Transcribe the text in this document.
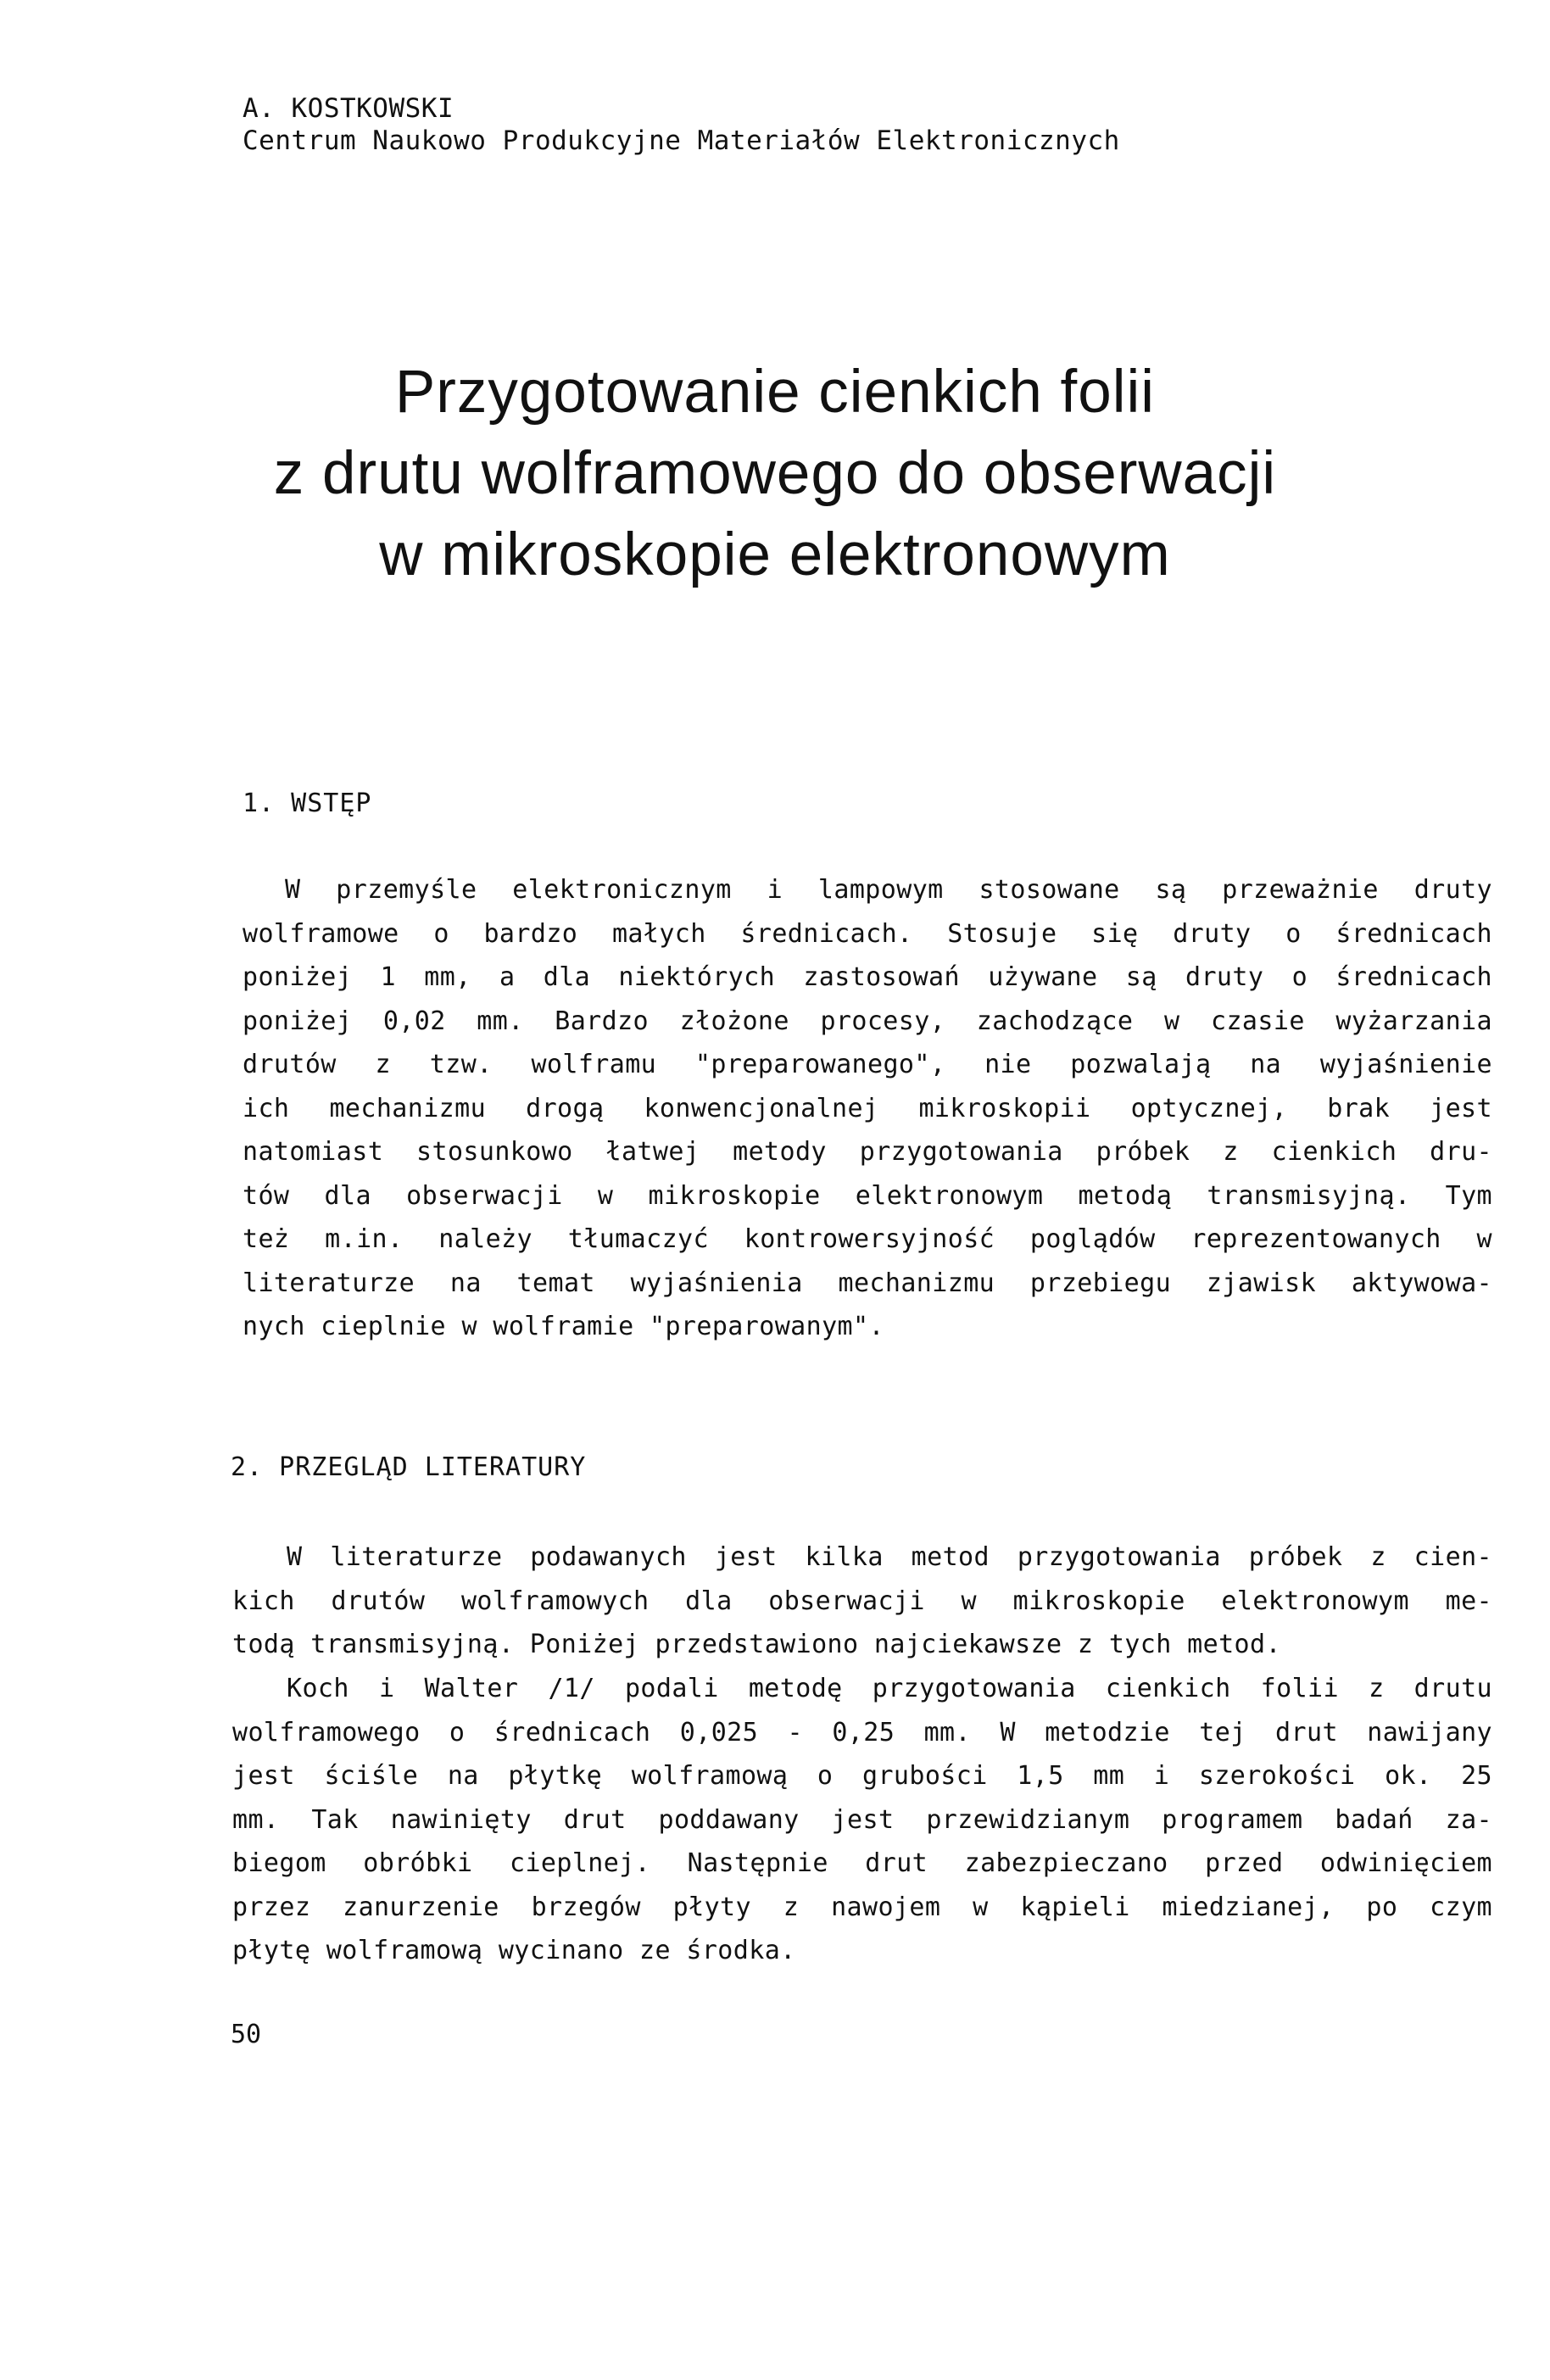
A. KOSTKOWSKI
Centrum Naukowo Produkcyjne Materiałów Elektronicznych
Przygotowanie cienkich folii
z drutu wolframowego do obserwacji
w mikroskopie elektronowym
1. WSTĘP
W przemyśle elektronicznym i lampowym stosowane są przeważnie druty
wolframowe o bardzo małych średnicach. Stosuje się druty o średnicach
poniżej 1 mm, a dla niektórych zastosowań używane są druty o średnicach
poniżej 0,02 mm. Bardzo złożone procesy, zachodzące w czasie wyżarzania
drutów z tzw. wolframu "preparowanego", nie pozwalają na wyjaśnienie
ich mechanizmu drogą konwencjonalnej mikroskopii optycznej, brak jest
natomiast stosunkowo łatwej metody przygotowania próbek z cienkich dru-
tów dla obserwacji w mikroskopie elektronowym metodą transmisyjną. Tym
też m.in. należy tłumaczyć kontrowersyjność poglądów reprezentowanych w
literaturze na temat wyjaśnienia mechanizmu przebiegu zjawisk aktywowa-
nych cieplnie w wolframie "preparowanym".
2. PRZEGLĄD LITERATURY
W literaturze podawanych jest kilka metod przygotowania próbek z cien-
kich drutów wolframowych dla obserwacji w mikroskopie elektronowym me-
todą transmisyjną. Poniżej przedstawiono najciekawsze z tych metod.
Koch i Walter /1/ podali metodę przygotowania cienkich folii z drutu
wolframowego o średnicach 0,025 - 0,25 mm. W metodzie tej drut nawijany
jest ściśle na płytkę wolframową o grubości 1,5 mm i szerokości ok. 25
mm. Tak nawinięty drut poddawany jest przewidzianym programem badań za-
biegom obróbki cieplnej. Następnie drut zabezpieczano przed odwinięciem
przez zanurzenie brzegów płyty z nawojem w kąpieli miedzianej, po czym
płytę wolframową wycinano ze środka.
50
